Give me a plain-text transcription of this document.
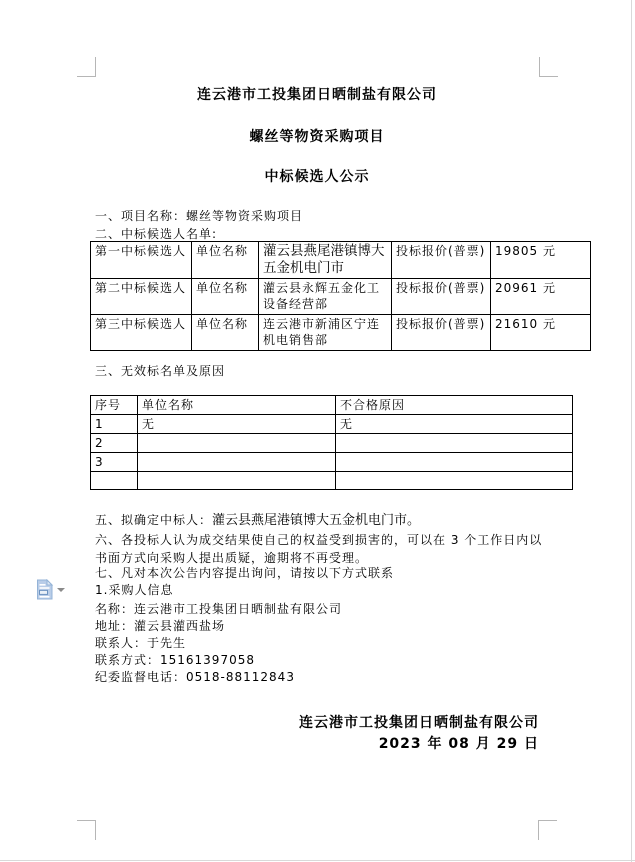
连云港市工投集团日晒制盐有限公司
螺丝等物资采购项目
中标候选人公示
一、项目名称：螺丝等物资采购项目
二、中标候选人名单:
第一中标候选人	单位名称	灌云县燕尾港镇博大五金机电门市	投标报价(普票)	19805 元
第二中标候选人	单位名称	灌云县永辉五金化工设备经营部	投标报价(普票)	20961 元
第三中标候选人	单位名称	连云港市新浦区宁连机电销售部	投标报价(普票)	21610 元
三、无效标名单及原因
序号	单位名称	不合格原因
1	无	无
2		
3		

五、拟确定中标人：灌云县燕尾港镇博大五金机电门市。
六、各投标人认为成交结果使自己的权益受到损害的，可以在 3 个工作日内以书面方式向采购人提出质疑，逾期将不再受理。
七、凡对本次公告内容提出询问，请按以下方式联系
1.采购人信息
名称：连云港市工投集团日晒制盐有限公司
地址：灌云县灌西盐场
联系人：于先生
联系方式：15161397058
纪委监督电话：0518-88112843
连云港市工投集团日晒制盐有限公司
2023 年 08 月 29 日
